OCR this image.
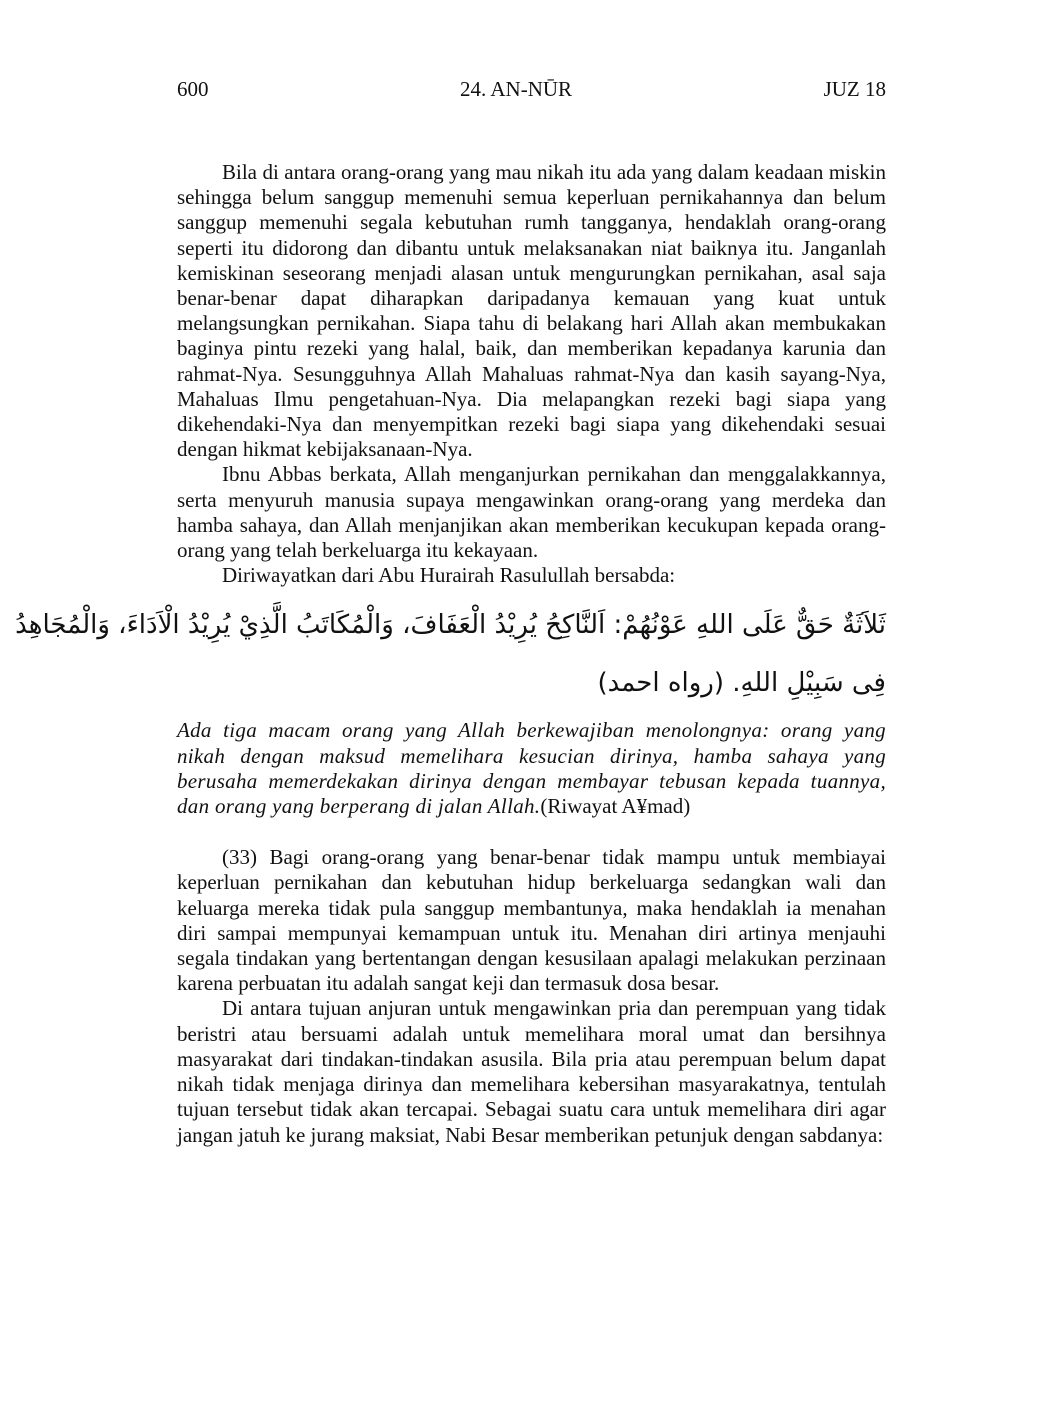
600	24. AN-NŪR	JUZ 18

Bila di antara orang-orang yang mau nikah itu ada yang dalam keadaan miskin sehingga belum sanggup memenuhi semua keperluan pernikahannya dan belum sanggup memenuhi segala kebutuhan rumh tangganya, hendaklah orang-orang seperti itu didorong dan dibantu untuk melaksanakan niat baiknya itu. Janganlah kemiskinan seseorang menjadi alasan untuk mengurungkan pernikahan, asal saja benar-benar dapat diharapkan daripadanya kemauan yang kuat untuk melangsungkan pernikahan. Siapa tahu di belakang hari Allah akan membukakan baginya pintu rezeki yang halal, baik, dan memberikan kepadanya karunia dan rahmat-Nya. Sesungguhnya Allah Mahaluas rahmat-Nya dan kasih sayang-Nya, Mahaluas Ilmu pengetahuan-Nya. Dia melapangkan rezeki bagi siapa yang dikehendaki-Nya dan menyempitkan rezeki bagi siapa yang dikehendaki sesuai dengan hikmat kebijaksanaan-Nya.

Ibnu Abbas berkata, Allah menganjurkan pernikahan dan menggalakkannya, serta menyuruh manusia supaya mengawinkan orang-orang yang merdeka dan hamba sahaya, dan Allah menjanjikan akan memberikan kecukupan kepada orang-orang yang telah berkeluarga itu kekayaan.

Diriwayatkan dari Abu Hurairah Rasulullah bersabda:

ثَلاَثَةٌ حَقٌّ عَلَى اللهِ عَوْنُهُمْ: اَلنَّاكِحُ يُرِيْدُ الْعَفَافَ، وَالْمُكَاتَبُ الَّذِيْ يُرِيْدُ الْاَدَاءَ، وَالْمُجَاهِدُ
فِى سَبِيْلِ اللهِ. (رواه احمد)

Ada tiga macam orang yang Allah berkewajiban menolongnya: orang yang nikah dengan maksud memelihara kesucian dirinya, hamba sahaya yang berusaha memerdekakan dirinya dengan membayar tebusan kepada tuannya, dan orang yang berperang di jalan Allah.(Riwayat A¥mad)

(33) Bagi orang-orang yang benar-benar tidak mampu untuk membiayai keperluan pernikahan dan kebutuhan hidup berkeluarga sedangkan wali dan keluarga mereka tidak pula sanggup membantunya, maka hendaklah ia menahan diri sampai mempunyai kemampuan untuk itu. Menahan diri artinya menjauhi segala tindakan yang bertentangan dengan kesusilaan apalagi melakukan perzinaan karena perbuatan itu adalah sangat keji dan termasuk dosa besar.

Di antara tujuan anjuran untuk mengawinkan pria dan perempuan yang tidak beristri atau bersuami adalah untuk memelihara moral umat dan bersihnya masyarakat dari tindakan-tindakan asusila. Bila pria atau perempuan belum dapat nikah tidak menjaga dirinya dan memelihara kebersihan masyarakatnya, tentulah tujuan tersebut tidak akan tercapai. Sebagai suatu cara untuk memelihara diri agar jangan jatuh ke jurang maksiat, Nabi Besar memberikan petunjuk dengan sabdanya:
